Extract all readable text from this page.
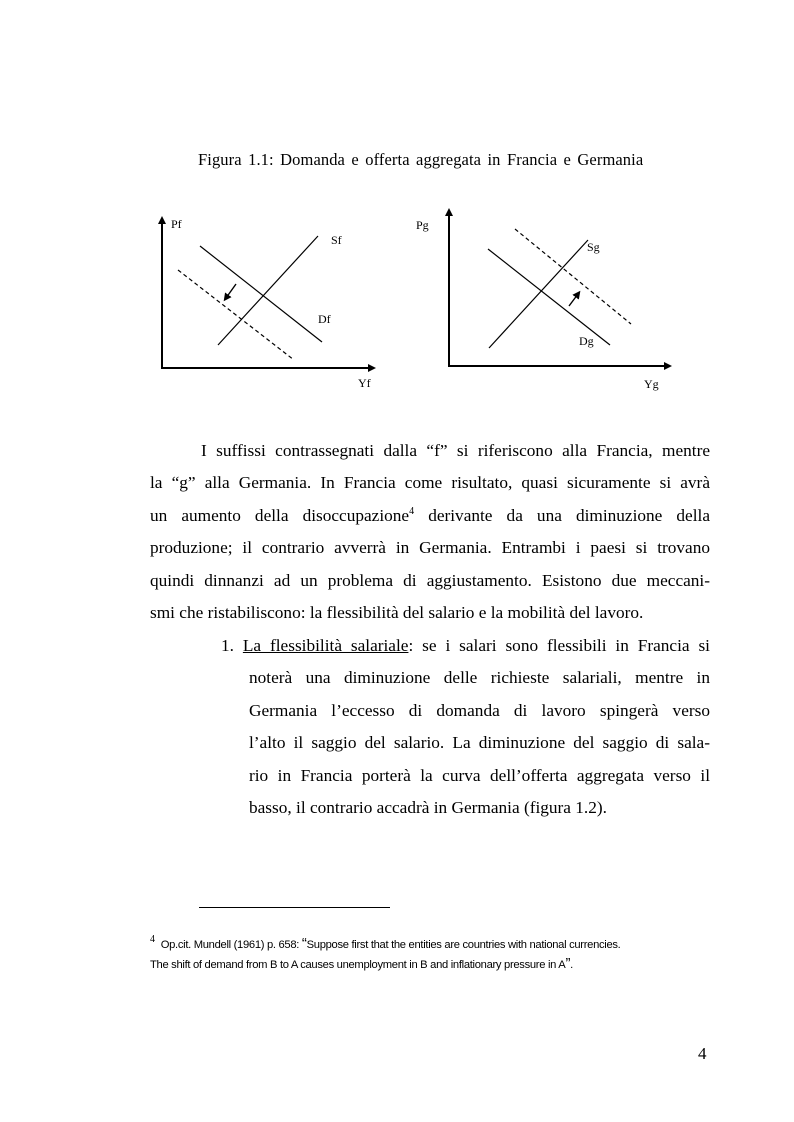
Figura 1.1: Domanda e offerta aggregata in Francia e Germania
Pf
Yf
Sf
Df
Pg
Yg
Sg
Dg
I suffissi contrassegnati dalla “f” si riferiscono alla Francia, mentre
la “g” alla Germania. In Francia come risultato, quasi sicuramente si avrà
un aumento della disoccupazione$^4$ derivante da una diminuzione della
produzione; il contrario avverrà in Germania. Entrambi i paesi si trovano
quindi dinnanzi ad un problema di aggiustamento. Esistono due meccani-
smi che ristabiliscono: la flessibilità del salario e la mobilità del lavoro.
1. La flessibilità salariale: se i salari sono flessibili in Francia si
noterà una diminuzione delle richieste salariali, mentre in
Germania l’eccesso di domanda di lavoro spingerà verso
l’alto il saggio del salario. La diminuzione del saggio di sala-
rio in Francia porterà la curva dell’offerta aggregata verso il
basso, il contrario accadrà in Germania (figura 1.2).
4 Op.cit. Mundell (1961) p. 658: “Suppose first that the entities are countries with national currencies.
The shift of demand from B to A causes unemployment in B and inflationary pressure in A”.
4
